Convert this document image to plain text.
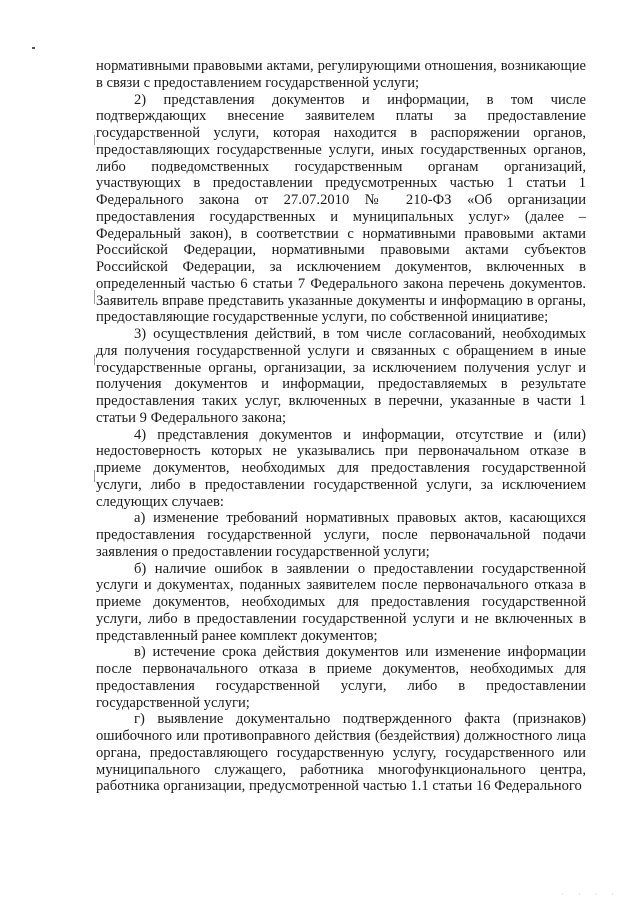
нормативными правовыми актами, регулирующими отношения, возникающие в связи с предоставлением государственной услуги;

2) представления документов и информации, в том числе подтверждающих внесение заявителем платы за предоставление государственной услуги, которая находится в распоряжении органов, предоставляющих государственные услуги, иных государственных органов, либо подведомственных государственным органам организаций, участвующих в предоставлении предусмотренных частью 1 статьи 1 Федерального закона от 27.07.2010 № 210-ФЗ «Об организации предоставления государственных и муниципальных услуг» (далее – Федеральный закон), в соответствии с нормативными правовыми актами Российской Федерации, нормативными правовыми актами субъектов Российской Федерации, за исключением документов, включенных в определенный частью 6 статьи 7 Федерального закона перечень документов. Заявитель вправе представить указанные документы и информацию в органы, предоставляющие государственные услуги, по собственной инициативе;

3) осуществления действий, в том числе согласований, необходимых для получения государственной услуги и связанных с обращением в иные государственные органы, организации, за исключением получения услуг и получения документов и информации, предоставляемых в результате предоставления таких услуг, включенных в перечни, указанные в части 1 статьи 9 Федерального закона;

4) представления документов и информации, отсутствие и (или) недостоверность которых не указывались при первоначальном отказе в приеме документов, необходимых для предоставления государственной услуги, либо в предоставлении государственной услуги, за исключением следующих случаев:

а) изменение требований нормативных правовых актов, касающихся предоставления государственной услуги, после первоначальной подачи заявления о предоставлении государственной услуги;

б) наличие ошибок в заявлении о предоставлении государственной услуги и документах, поданных заявителем после первоначального отказа в приеме документов, необходимых для предоставления государственной услуги, либо в предоставлении государственной услуги и не включенных в представленный ранее комплект документов;

в) истечение срока действия документов или изменение информации после первоначального отказа в приеме документов, необходимых для предоставления государственной услуги, либо в предоставлении государственной услуги;

г) выявление документально подтвержденного факта (признаков) ошибочного или противоправного действия (бездействия) должностного лица органа, предоставляющего государственную услугу, государственного или муниципального служащего, работника многофункционального центра, работника организации, предусмотренной частью 1.1 статьи 16 Федерального

· · · ·
